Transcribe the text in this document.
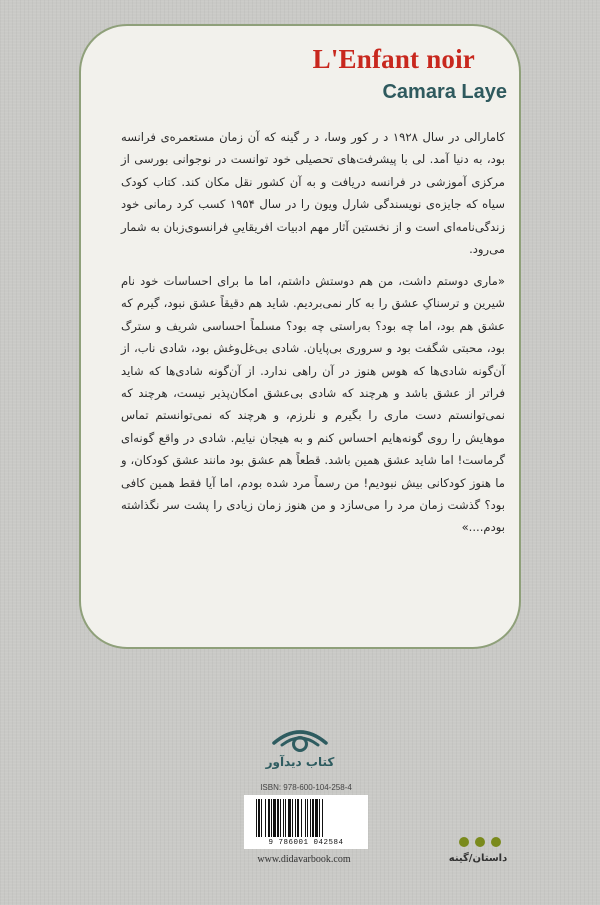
L'Enfant noir
Camara Laye

کامارالی در سال ۱۹۲۸ د ر کور وسا، د ر گینه که آن زمان مستعمره‌ی فرانسه بود، به دنیا آمد. لی با پیشرفت‌های تحصیلی خود توانست در نوجوانی بورسی از مرکزی آموزشی در فرانسه دریافت و به آن کشور نقل مکان کند. کتاب کودک سیاه که جایزه‌ی نویسندگی شارل ویون را در سال ۱۹۵۴ کسب کرد رمانی خود زندگی‌نامه‌ای است و از نخستین آثار مهم ادبیات افریقاییِ فرانسوی‌زبان به شمار می‌رود.

«ماری دوستم داشت، من هم دوستش داشتم، اما ما برای احساسات خود نام شیرین و ترسناکِ عشق را به کار نمی‌بردیم. شاید هم دقیقاً عشق نبود، گیرم که عشق هم بود، اما چه بود؟ به‌راستی چه بود؟ مسلماً احساسی شریف و سترگ بود، محبتی شگفت بود و سروری بی‌پایان. شادی بی‌غل‌وغش بود، شادی ناب، از آن‌گونه شادی‌ها که هوس هنوز در آن راهی ندارد. از آن‌گونه شادی‌ها که شاید فراتر از عشق باشد و هرچند که شادی بی‌عشق امکان‌پذیر نیست، هرچند که نمی‌توانستم دست ماری را بگیرم و نلرزم، و هرچند که نمی‌توانستم تماس موهایش را روی گونه‌هایم احساس کنم و به هیجان نیایم. شادی در واقع گونه‌ای گرماست! اما شاید عشق همین باشد. قطعاً هم عشق بود مانند عشق کودکان، و ما هنوز کودکانی بیش نبودیم! من رسماً مرد شده بودم، اما آیا فقط همین کافی بود؟ گذشت زمان مرد را می‌سازد و من هنوز زمان زیادی را پشت سر نگذاشته بودم....»

کتاب دیدآور
ISBN: 978-600-104-258-4
9 786001 042584
www.didavarbook.com	داستان/گینه
